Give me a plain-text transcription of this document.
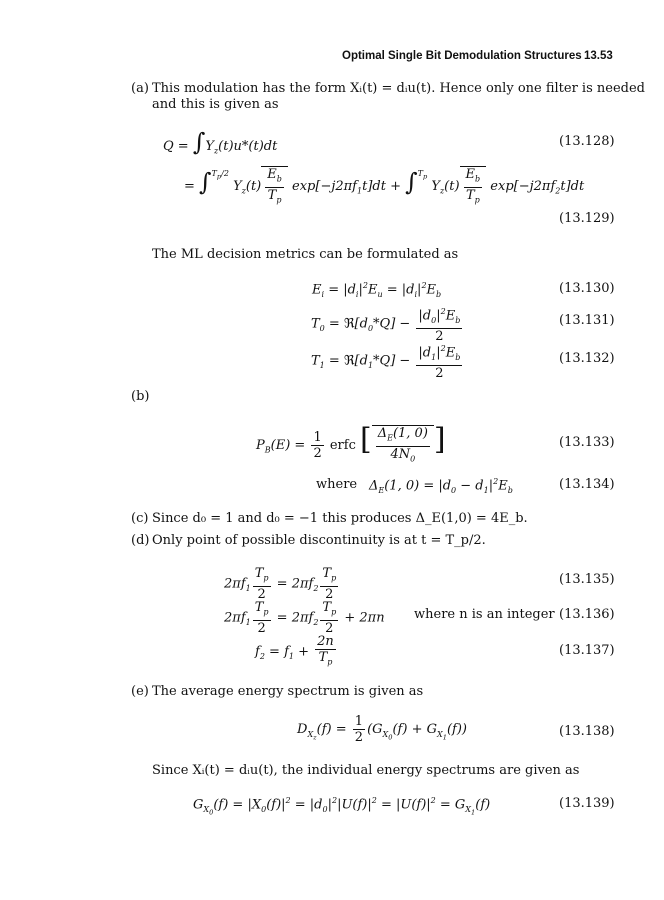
Optimal Single Bit Demodulation Structures 13.53
(a) This modulation has the form Xᵢ(t) = dᵢu(t). Hence only one filter is needed
and this is given as
$Q = \int Y_z(t)u*(t)dt$	(13.128)
= ∫$^{T_p/2}$ $Y_z(t) \frac{E_b}{T_p} \exp[-j2\pi f_1t]dt + \int^{T_p}$ $Y_z(t) \frac{E_b}{T_p} \exp[-j2\pi f_2t]dt$
(13.129)
The ML decision metrics can be formulated as
$E_i = |d_i|^2E_u = |d_i|^2E_b$	(13.130)
$T_0$ = $ℜ[d_0*Q] - \frac{|d_0|^2E_b}{2}$	(13.131)
$T_1$ = $ℜ[d_1*Q] - \frac{|d_1|^2E_b}{2}$	(13.132)
(b)
$P_B(E) = \frac{1}{2}$ erfc [ $\frac{\Delta_E(1, 0)}{4N_0}$ ]	(13.133)
where $\Delta_E(1$, $0) = |d_0 - d_1|^2E_b$	(13.134)
(c) Since d₀ = 1 and d₀ = −1 this produces Δ_E(1,0) = 4E_b.
(d) Only point of possible discontinuity is at t = T_p/2.
$2\pi f_1 \frac{T_p}{2} = 2\pi f_2 \frac{T_p}{2}$	(13.135)
$2\pi f_1 \frac{T_p}{2} = 2\pi f_2 \frac{T_p}{2} + 2\pi n$ where n is an integer (13.136)
$f_2 = f_1 + \frac{2n}{T_p}$	(13.137)
(e) The average energy spectrum is given as
$D_{X_z}(f) = \frac{1}{2} (G_{X_0}(f) + G_{X_1}(f))$	(13.138)
Since Xᵢ(t) = dᵢu(t), the individual energy spectrums are given as
$G_{X_0}(f) = |X_0(f)|^2 = |d_0|^2|U(f)|^2 = |U(f)|^2 = G_{X_1}(f)$	(13.139)
